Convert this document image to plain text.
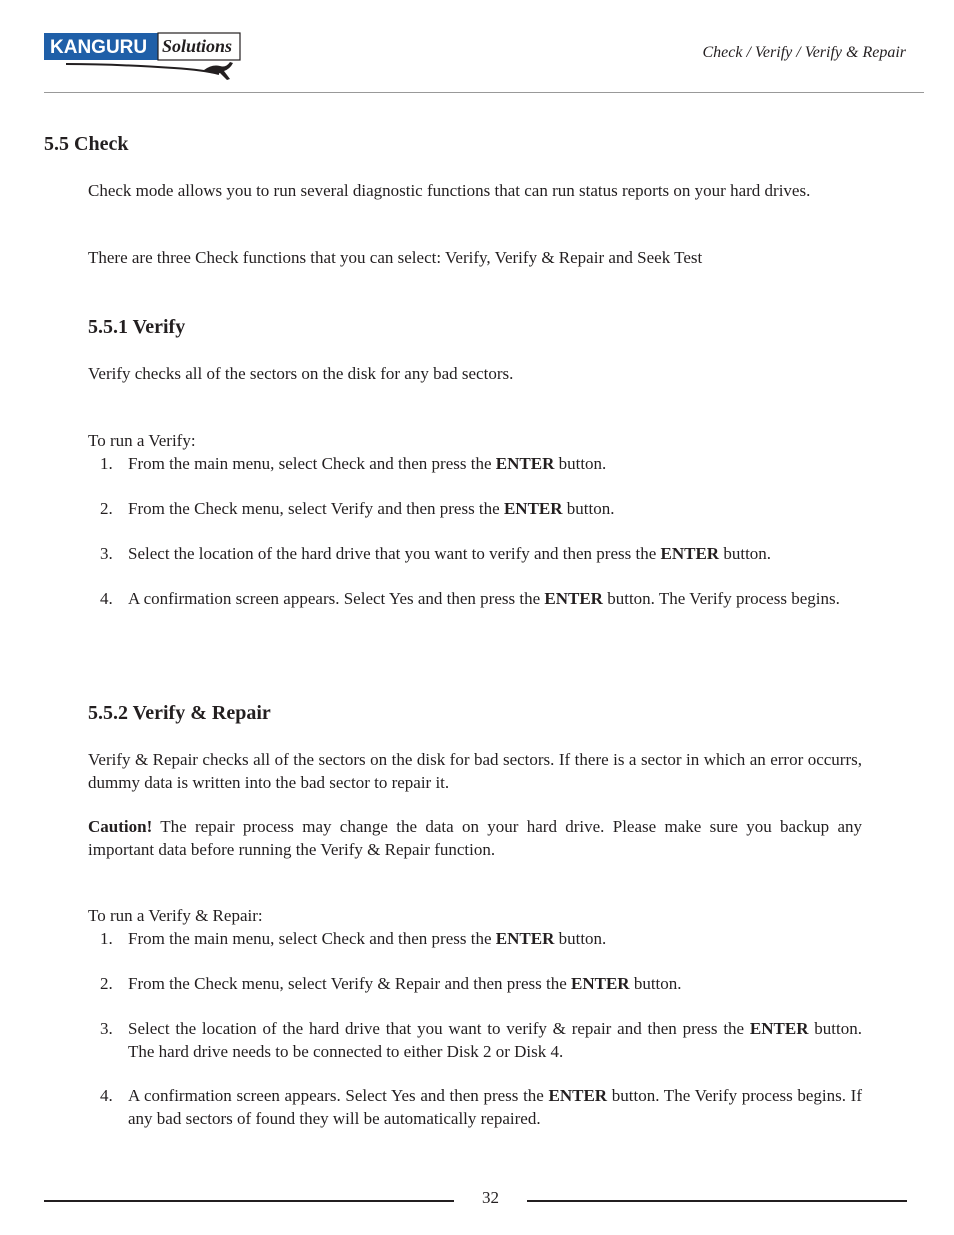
KANGURU Solutions	Check / Verify / Verify & Repair
5.5 Check
Check mode allows you to run several diagnostic functions that can run status reports on your hard drives.
There are three Check functions that you can select: Verify, Verify & Repair and Seek Test
5.5.1 Verify
Verify checks all of the sectors on the disk for any bad sectors.
To run a Verify:
1. From the main menu, select Check and then press the ENTER button.
2. From the Check menu, select Verify and then press the ENTER button.
3. Select the location of the hard drive that you want to verify and then press the ENTER button.
4. A confirmation screen appears. Select Yes and then press the ENTER button. The Verify process begins.
5.5.2 Verify & Repair
Verify & Repair checks all of the sectors on the disk for bad sectors. If there is a sector in which an error occurrs, dummy data is written into the bad sector to repair it.
Caution! The repair process may change the data on your hard drive. Please make sure you backup any important data before running the Verify & Repair function.
To run a Verify & Repair:
1. From the main menu, select Check and then press the ENTER button.
2. From the Check menu, select Verify & Repair and then press the ENTER button.
3. Select the location of the hard drive that you want to verify & repair and then press the ENTER button. The hard drive needs to be connected to either Disk 2 or Disk 4.
4. A confirmation screen appears. Select Yes and then press the ENTER button. The Verify process begins. If any bad sectors of found they will be automatically repaired.
32
